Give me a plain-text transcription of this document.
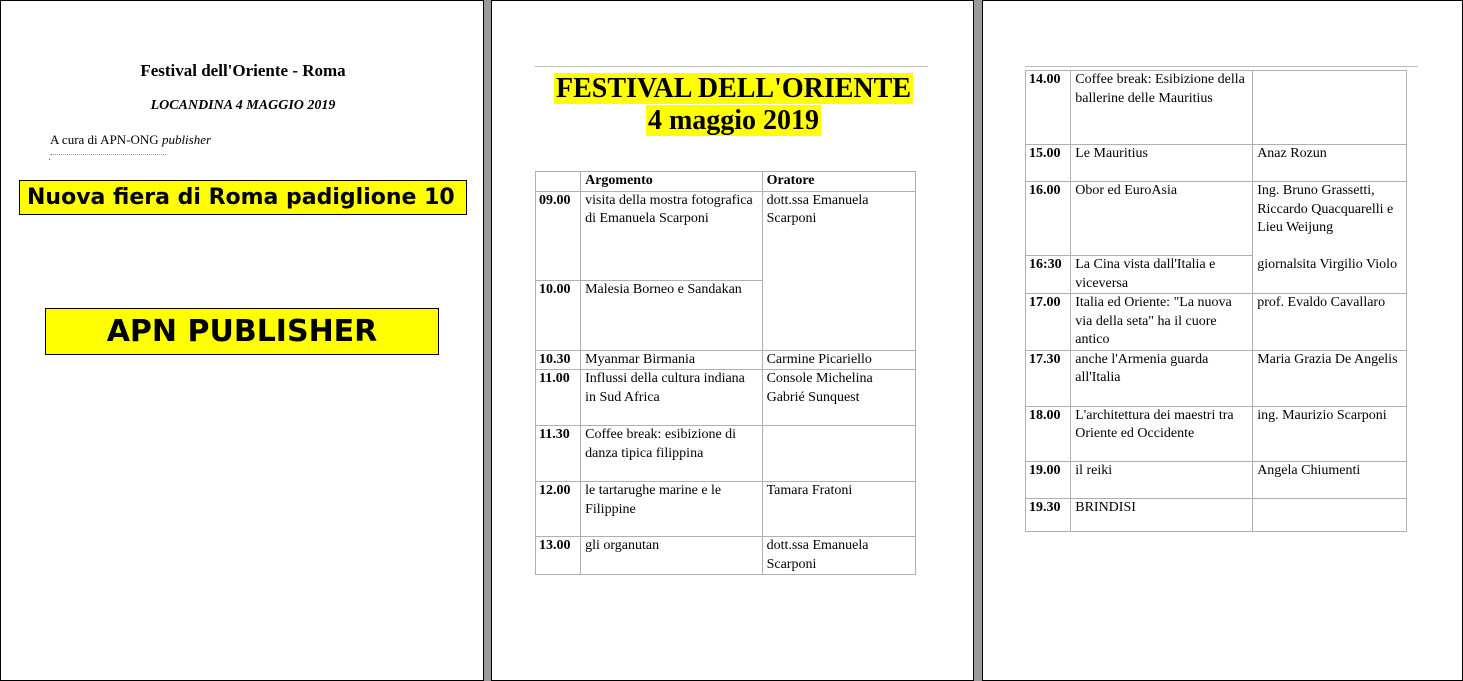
Festival dell'Oriente - Roma
LOCANDINA 4 MAGGIO 2019
A cura di APN-ONG publisher
·
Nuova fiera di Roma padiglione 10
APN PUBLISHER
FESTIVAL DELL'ORIENTE
4 maggio 2019
	Argomento	Oratore
09.00	visita della mostra fotografica di Emanuela Scarponi	dott.ssa Emanuela Scarponi
10.00	Malesia Borneo e Sandakan	
10.30	Myanmar Birmania	Carmine Picariello
11.00	Influssi della cultura indiana in Sud Africa	Console Michelina Gabrié Sunquest
11.30	Coffee break: esibizione di danza tipica filippina	
12.00	le tartarughe marine e le Filippine	Tamara Fratoni
13.00	gli organutan	dott.ssa Emanuela Scarponi
14.00	Coffee break: Esibizione della ballerine delle Mauritius	
15.00	Le Mauritius	Anaz Rozun
16.00	Obor ed EuroAsia	Ing. Bruno Grassetti, Riccardo Quacquarelli e Lieu Weijung
16:30	La Cina vista dall'Italia e viceversa	giornalsita Virgilio Violo
17.00	Italia ed Oriente: "La nuova via della seta" ha il cuore antico	prof. Evaldo Cavallaro
17.30	anche l'Armenia guarda all'Italia	Maria Grazia De Angelis
18.00	L'architettura dei maestri tra Oriente ed Occidente	ing. Maurizio Scarponi
19.00	il reiki	Angela Chiumenti
19.30	BRINDISI	
